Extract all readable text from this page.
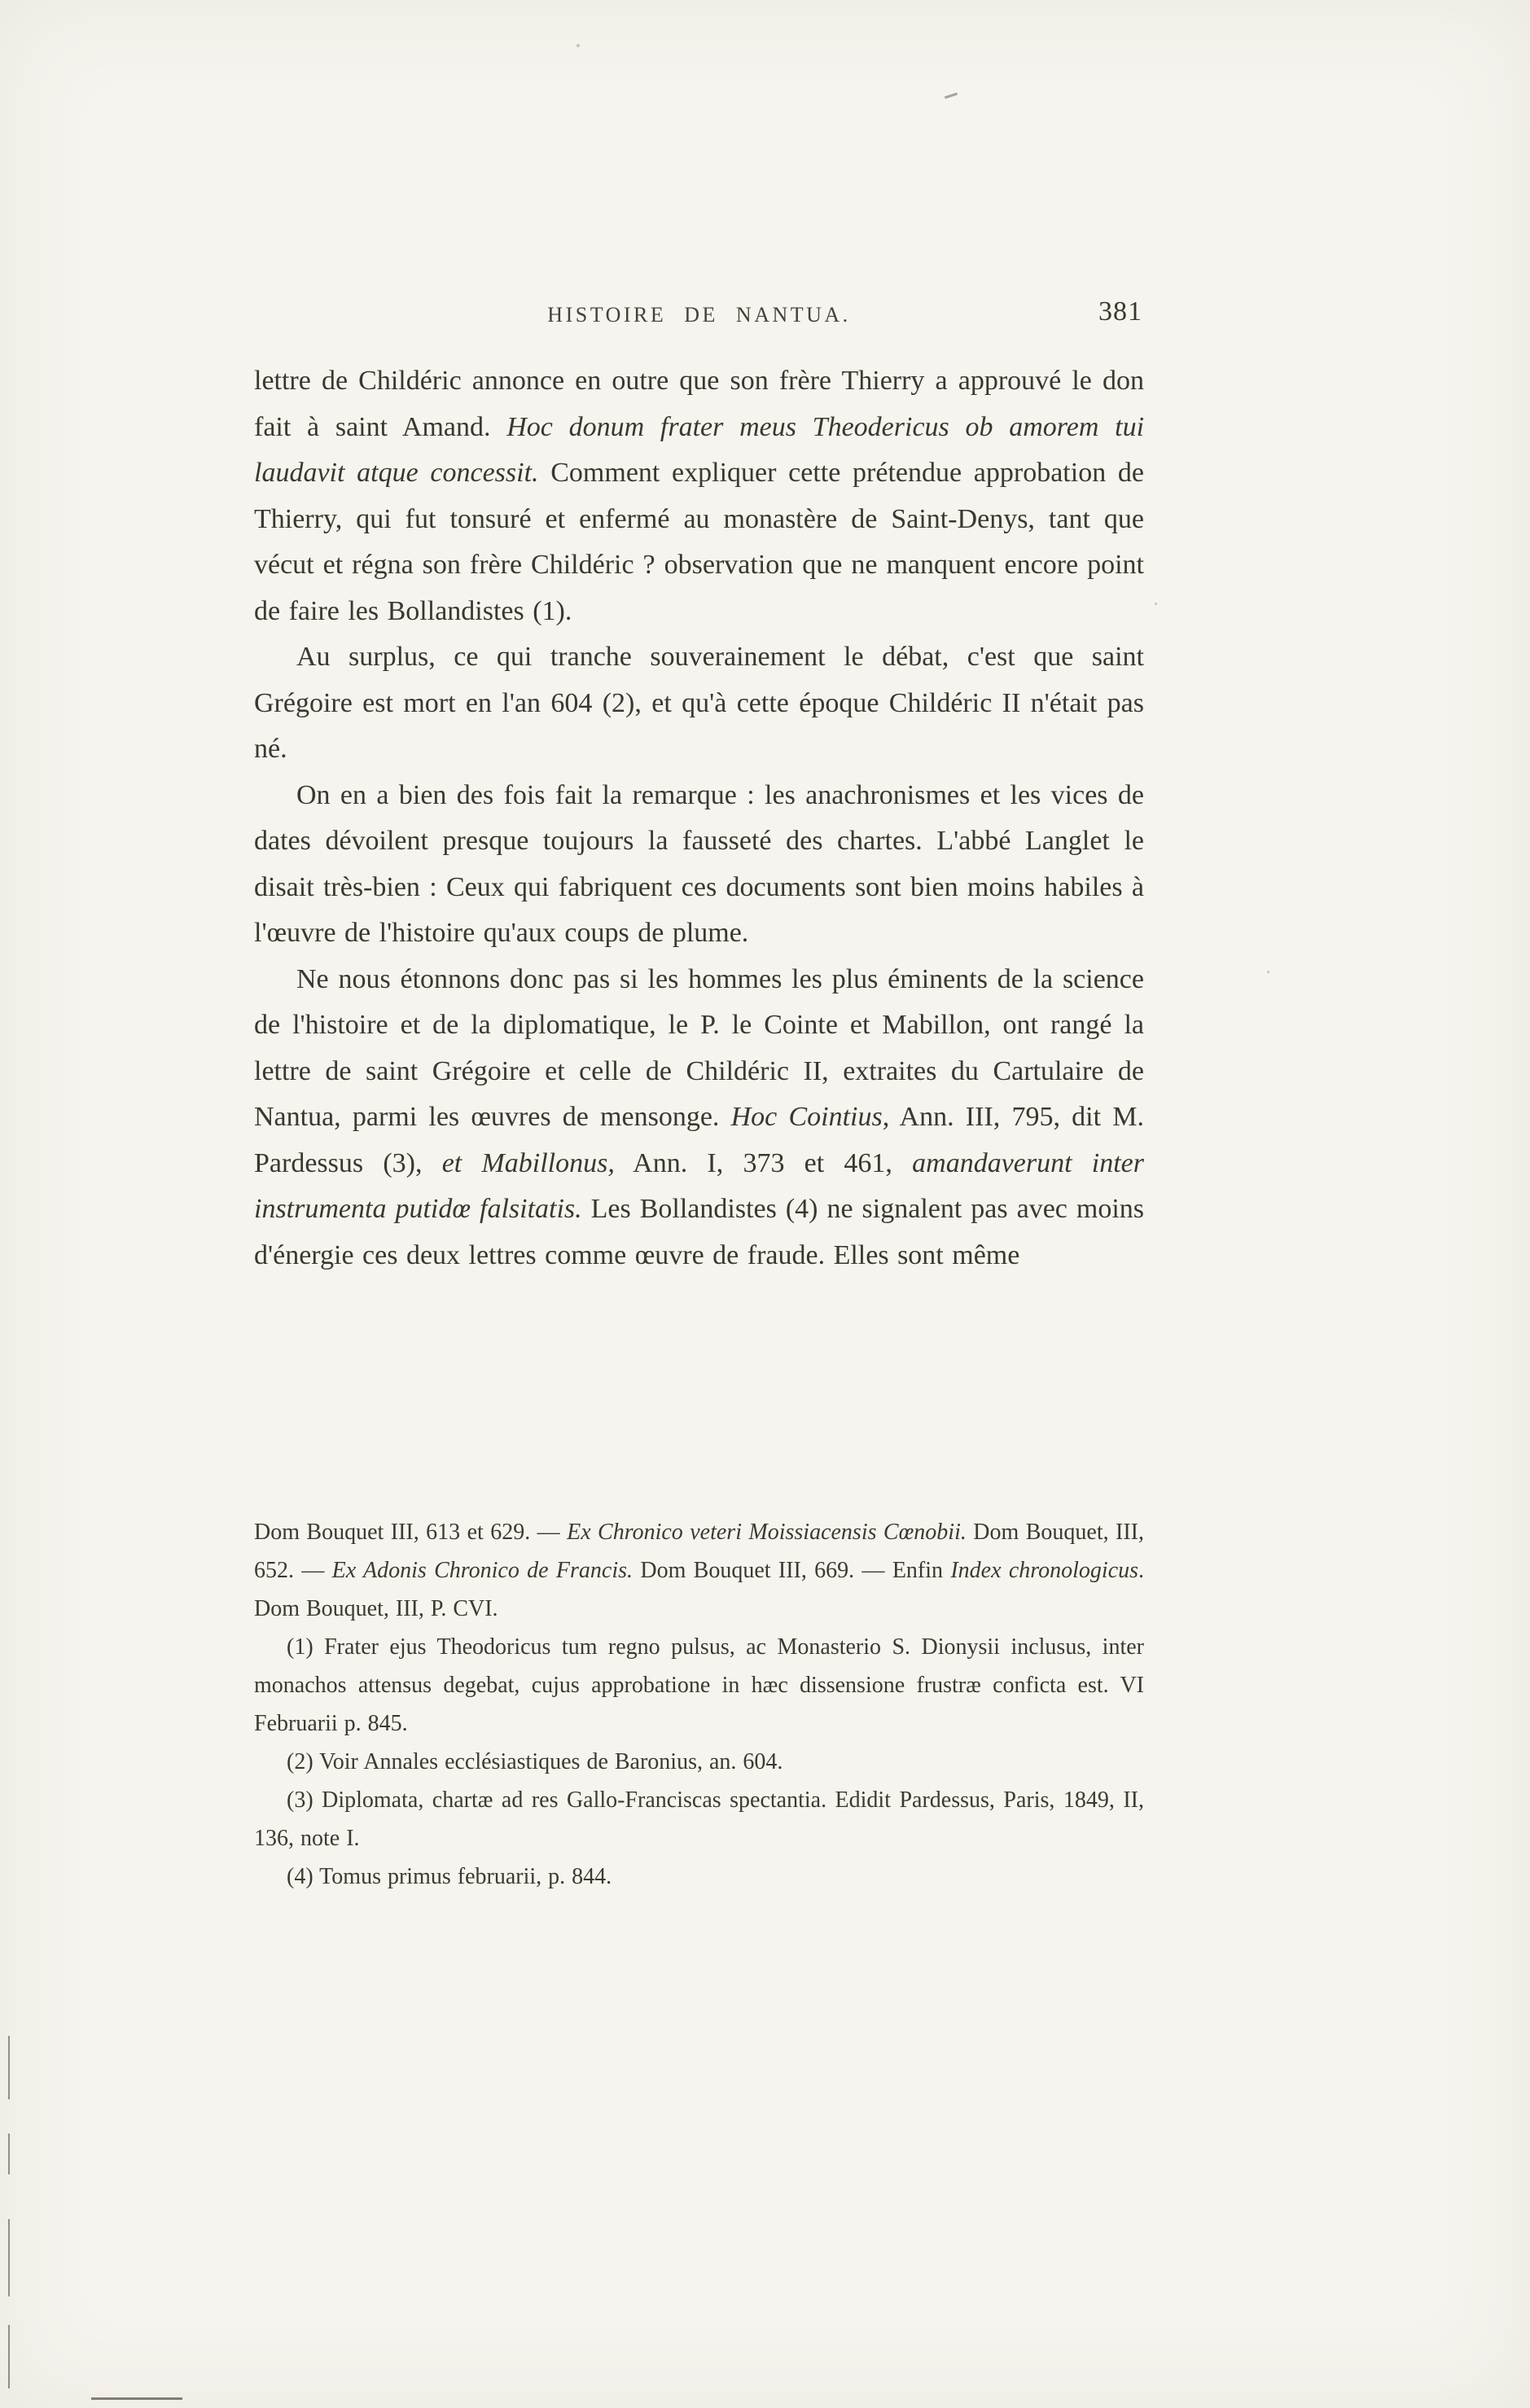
HISTOIRE DE NANTUA.	381

lettre de Childéric annonce en outre que son frère Thierry a approuvé le don fait à saint Amand. Hoc donum frater meus Theodericus ob amorem tui laudavit atque concessit. Comment expliquer cette prétendue approbation de Thierry, qui fut tonsuré et enfermé au monastère de Saint-Denys, tant que vécut et régna son frère Childéric ? observation que ne manquent encore point de faire les Bollandistes (1).

Au surplus, ce qui tranche souverainement le débat, c'est que saint Grégoire est mort en l'an 604 (2), et qu'à cette époque Childéric II n'était pas né.

On en a bien des fois fait la remarque : les anachronismes et les vices de dates dévoilent presque toujours la fausseté des chartes. L'abbé Langlet le disait très-bien : Ceux qui fabriquent ces documents sont bien moins habiles à l'œuvre de l'histoire qu'aux coups de plume.

Ne nous étonnons donc pas si les hommes les plus éminents de la science de l'histoire et de la diplomatique, le P. le Cointe et Mabillon, ont rangé la lettre de saint Grégoire et celle de Childéric II, extraites du Cartulaire de Nantua, parmi les œuvres de mensonge. Hoc Cointius, Ann. III, 795, dit M. Pardessus (3), et Mabillonus, Ann. I, 373 et 461, amandaverunt inter instrumenta putidœ falsitatis. Les Bollandistes (4) ne signalent pas avec moins d'énergie ces deux lettres comme œuvre de fraude. Elles sont même

Dom Bouquet III, 613 et 629. — Ex Chronico veteri Moissiacensis Cœnobii. Dom Bouquet, III, 652. — Ex Adonis Chronico de Francis. Dom Bouquet III, 669. — Enfin Index chronologicus. Dom Bouquet, III, P. CVI.

(1) Frater ejus Theodoricus tum regno pulsus, ac Monasterio S. Dionysii inclusus, inter monachos attensus degebat, cujus approbatione in hæc dissensione frustræ conficta est. VI Februarii p. 845.

(2) Voir Annales ecclésiastiques de Baronius, an. 604.

(3) Diplomata, chartæ ad res Gallo-Franciscas spectantia. Edidit Pardessus, Paris, 1849, II, 136, note I.

(4) Tomus primus februarii, p. 844.
